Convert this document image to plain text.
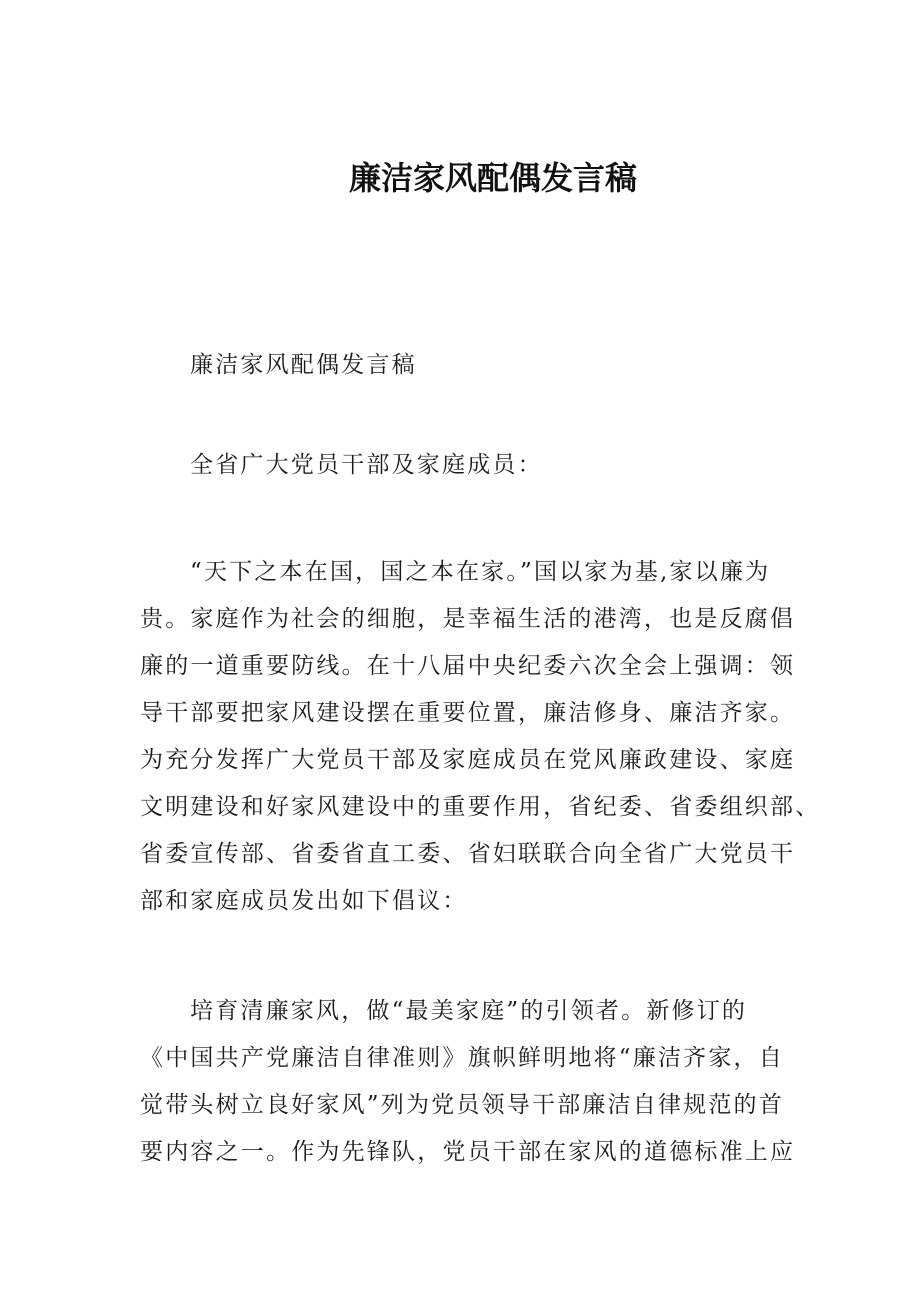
廉洁家风配偶发言稿

廉洁家风配偶发言稿

全省广大党员干部及家庭成员：

“天下之本在国，国之本在家。”国以家为基,家以廉为
贵。家庭作为社会的细胞，是幸福生活的港湾，也是反腐倡
廉的一道重要防线。在十八届中央纪委六次全会上强调：领
导干部要把家风建设摆在重要位置，廉洁修身、廉洁齐家。
为充分发挥广大党员干部及家庭成员在党风廉政建设、家庭
文明建设和好家风建设中的重要作用，省纪委、省委组织部、
省委宣传部、省委省直工委、省妇联联合向全省广大党员干
部和家庭成员发出如下倡议：
培育清廉家风，做“最美家庭”的引领者。新修订的
《中国共产党廉洁自律准则》旗帜鲜明地将“廉洁齐家，自
觉带头树立良好家风”列为党员领导干部廉洁自律规范的首
要内容之一。作为先锋队，党员干部在家风的道德标准上应
